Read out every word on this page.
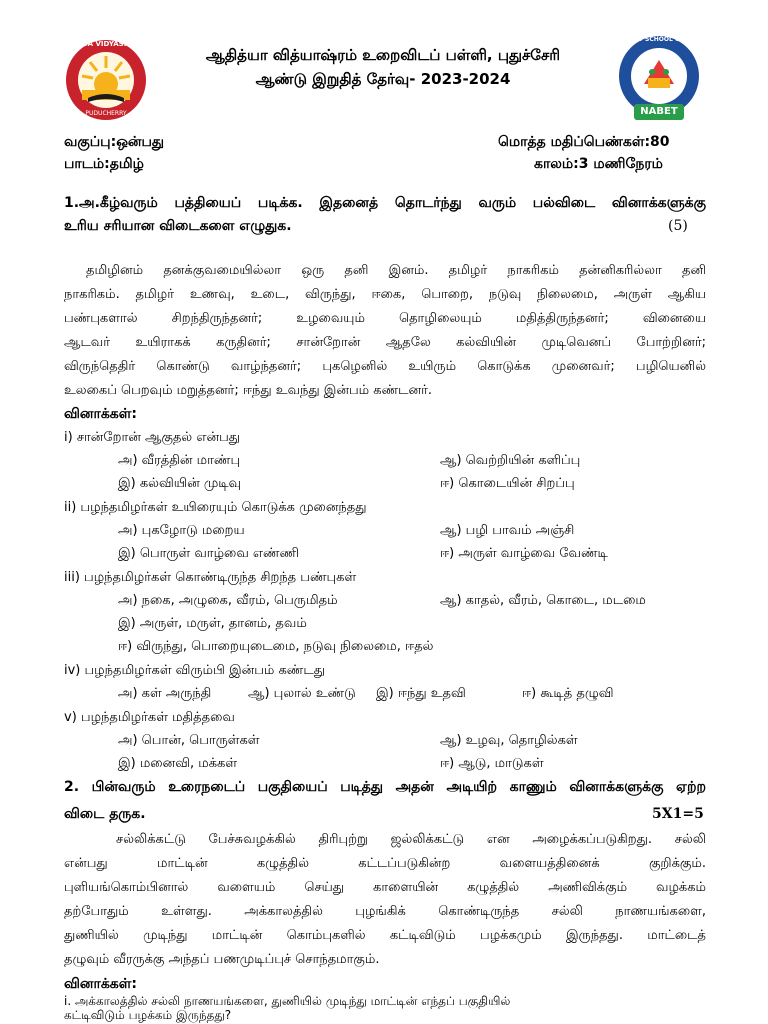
ADITYA VIDYASHRAM
PUDUCHERRY
QUALITY SCHOOL GOVERNANCE
NABET
ஆதித்யா வித்யாஷ்ரம் உறைவிடப் பள்ளி, புதுச்சேரி
ஆண்டு இறுதித் தேர்வு- 2023-2024
வகுப்பு:ஒன்பது	மொத்த மதிப்பெண்கள்:80
பாடம்:தமிழ்	காலம்:3 மணிநேரம்
1.அ.கீழ்வரும் பத்தியைப் படிக்க. இதனைத் தொடர்ந்து வரும் பல்விடை வினாக்களுக்கு
உரிய சரியான விடைகளை எழுதுக.	(5)
தமிழினம் தனக்குவமையில்லா ஒரு தனி இனம். தமிழர் நாகரிகம் தன்னிகரில்லா தனி
நாகரிகம். தமிழர் உணவு, உடை, விருந்து, ஈகை, பொறை, நடுவு நிலைமை, அருள் ஆகிய
பண்புகளால் சிறந்திருந்தனர்; உழவையும் தொழிலையும் மதித்திருந்தனர்; வினையை
ஆடவர் உயிராகக் கருதினர்; சான்றோன் ஆதலே கல்வியின் முடிவெனப் போற்றினர்;
விருந்தெதிர் கொண்டு வாழ்ந்தனர்; புகழெனில் உயிரும் கொடுக்க முனைவர்; பழியெனில்
உலகைப் பெறவும் மறுத்தனர்; ஈந்து உவந்து இன்பம் கண்டனர்.
வினாக்கள்:
i) சான்றோன் ஆகுதல் என்பது
அ) வீரத்தின் மாண்பு	ஆ) வெற்றியின் களிப்பு
இ) கல்வியின் முடிவு	ஈ) கொடையின் சிறப்பு
ii) பழந்தமிழர்கள் உயிரையும் கொடுக்க முனைந்தது
அ) புகழோடு மறைய	ஆ) பழி பாவம் அஞ்சி
இ) பொருள் வாழ்வை எண்ணி	ஈ) அருள் வாழ்வை வேண்டி
iii) பழந்தமிழர்கள் கொண்டிருந்த சிறந்த பண்புகள்
அ) நகை, அழுகை, வீரம், பெருமிதம்	ஆ) காதல், வீரம், கொடை, மடமை
இ) அருள், மருள், தானம், தவம்
ஈ) விருந்து, பொறையுடைமை, நடுவு நிலைமை, ஈதல்
iv) பழந்தமிழர்கள் விரும்பி இன்பம் கண்டது
அ) கள் அருந்தி	ஆ) புலால் உண்டு இ) ஈந்து உதவி	ஈ) கூடித் தழுவி
v) பழந்தமிழர்கள் மதித்தவை
அ) பொன், பொருள்கள்	ஆ) உழவு, தொழில்கள்
இ) மனைவி, மக்கள்	ஈ) ஆடு, மாடுகள்
2. பின்வரும் உரைநடைப் பகுதியைப் படித்து அதன் அடியிற் காணும் வினாக்களுக்கு ஏற்ற
விடை தருக.	5X1=5
சல்லிக்கட்டு பேச்சுவழக்கில் திரிபுற்று ஜல்லிக்கட்டு என அழைக்கப்படுகிறது. சல்லி
என்பது மாட்டின் கழுத்தில் கட்டப்படுகின்ற வளையத்தினைக் குறிக்கும்.
புளியங்கொம்பினால் வளையம் செய்து காளையின் கழுத்தில் அணிவிக்கும் வழக்கம்
தற்போதும் உள்ளது. அக்காலத்தில் புழங்கிக் கொண்டிருந்த சல்லி நாணயங்களை,
துணியில் முடிந்து மாட்டின் கொம்புகளில் கட்டிவிடும் பழக்கமும் இருந்தது. மாட்டைத்
தழுவும் வீரருக்கு அந்தப் பணமுடிப்புச் சொந்தமாகும்.
வினாக்கள்:
i. அக்காலத்தில் சல்லி நாணயங்களை, துணியில் முடிந்து மாட்டின் எந்தப் பகுதியில்
கட்டிவிடும் பழக்கம் இருந்தது?
